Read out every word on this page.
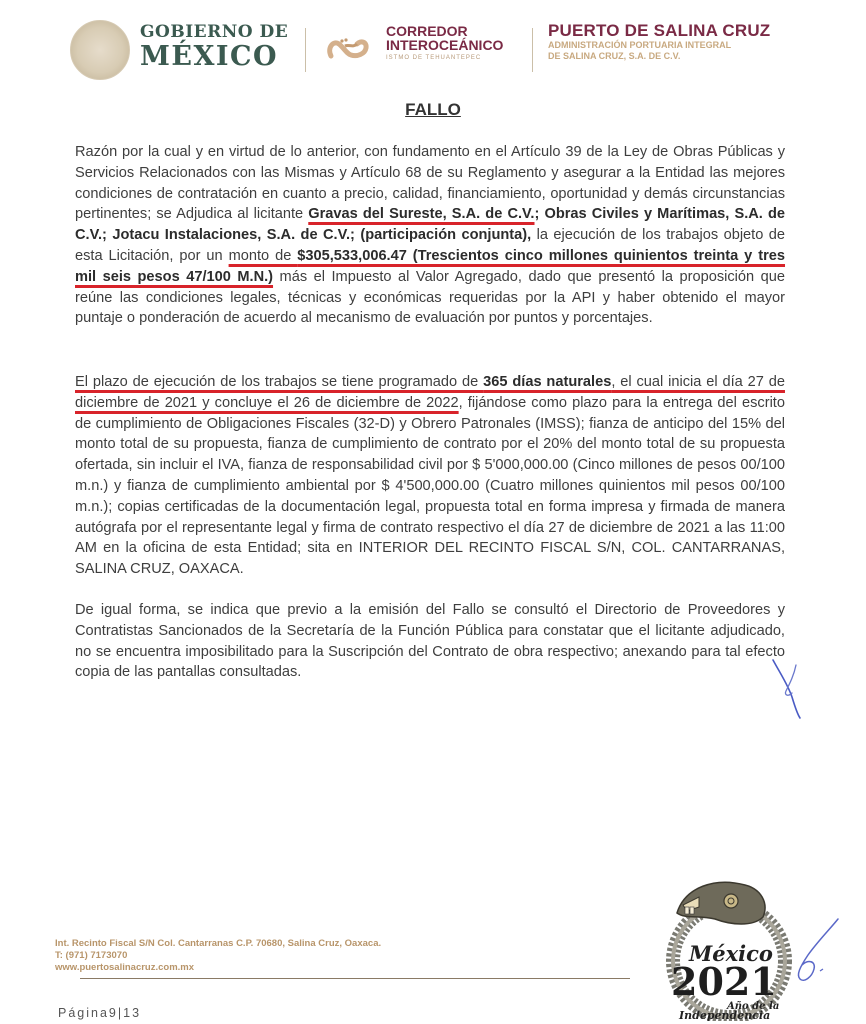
GOBIERNO DE
MÉXICO
CORREDOR
INTEROCEÁNICO
ISTMO DE TEHUANTEPEC
PUERTO DE SALINA CRUZ
ADMINISTRACIÓN PORTUARIA INTEGRAL
DE SALINA CRUZ, S.A. DE C.V.
FALLO
Razón por la cual y en virtud de lo anterior, con fundamento en el Artículo 39 de la Ley de Obras Públicas y Servicios Relacionados con las Mismas y Artículo 68 de su Reglamento y asegurar a la Entidad las mejores condiciones de contratación en cuanto a precio, calidad, financiamiento, oportunidad y demás circunstancias pertinentes; se Adjudica al licitante Gravas del Sureste, S.A. de C.V.; Obras Civiles y Marítimas, S.A. de C.V.; Jotacu Instalaciones, S.A. de C.V.; (participación conjunta), la ejecución de los trabajos objeto de esta Licitación, por un monto de $305,533,006.47 (Trescientos cinco millones quinientos treinta y tres mil seis pesos 47/100 M.N.) más el Impuesto al Valor Agregado, dado que presentó la proposición que reúne las condiciones legales, técnicas y económicas requeridas por la API y haber obtenido el mayor puntaje o ponderación de acuerdo al mecanismo de evaluación por puntos y porcentajes.
El plazo de ejecución de los trabajos se tiene programado de 365 días naturales, el cual inicia el día 27 de diciembre de 2021 y concluye el 26 de diciembre de 2022, fijándose como plazo para la entrega del escrito de cumplimiento de Obligaciones Fiscales (32-D) y Obrero Patronales (IMSS); fianza de anticipo del 15% del monto total de su propuesta, fianza de cumplimiento de contrato por el 20% del monto total de su propuesta ofertada, sin incluir el IVA, fianza de responsabilidad civil por $ 5'000,000.00 (Cinco millones de pesos 00/100 m.n.) y fianza de cumplimiento ambiental por $ 4'500,000.00 (Cuatro millones quinientos mil pesos 00/100 m.n.); copias certificadas de la documentación legal, propuesta total en forma impresa y firmada de manera autógrafa por el representante legal y firma de contrato respectivo el día 27 de diciembre de 2021 a las 11:00 AM en la oficina de esta Entidad; sita en INTERIOR DEL RECINTO FISCAL S/N, COL. CANTARRANAS, SALINA CRUZ, OAXACA.
De igual forma, se indica que previo a la emisión del Fallo se consultó el Directorio de Proveedores y Contratistas Sancionados de la Secretaría de la Función Pública para constatar que el licitante adjudicado, no se encuentra imposibilitado para la Suscripción del Contrato de obra respectivo; anexando para tal efecto copia de las pantallas consultadas.
Int. Recinto Fiscal S/N Col. Cantarranas C.P. 70680, Salina Cruz, Oaxaca.
T: (971) 7173070
www.puertosalinacruz.com.mx
Página9|13
México
2021
Año de la
Independencia
